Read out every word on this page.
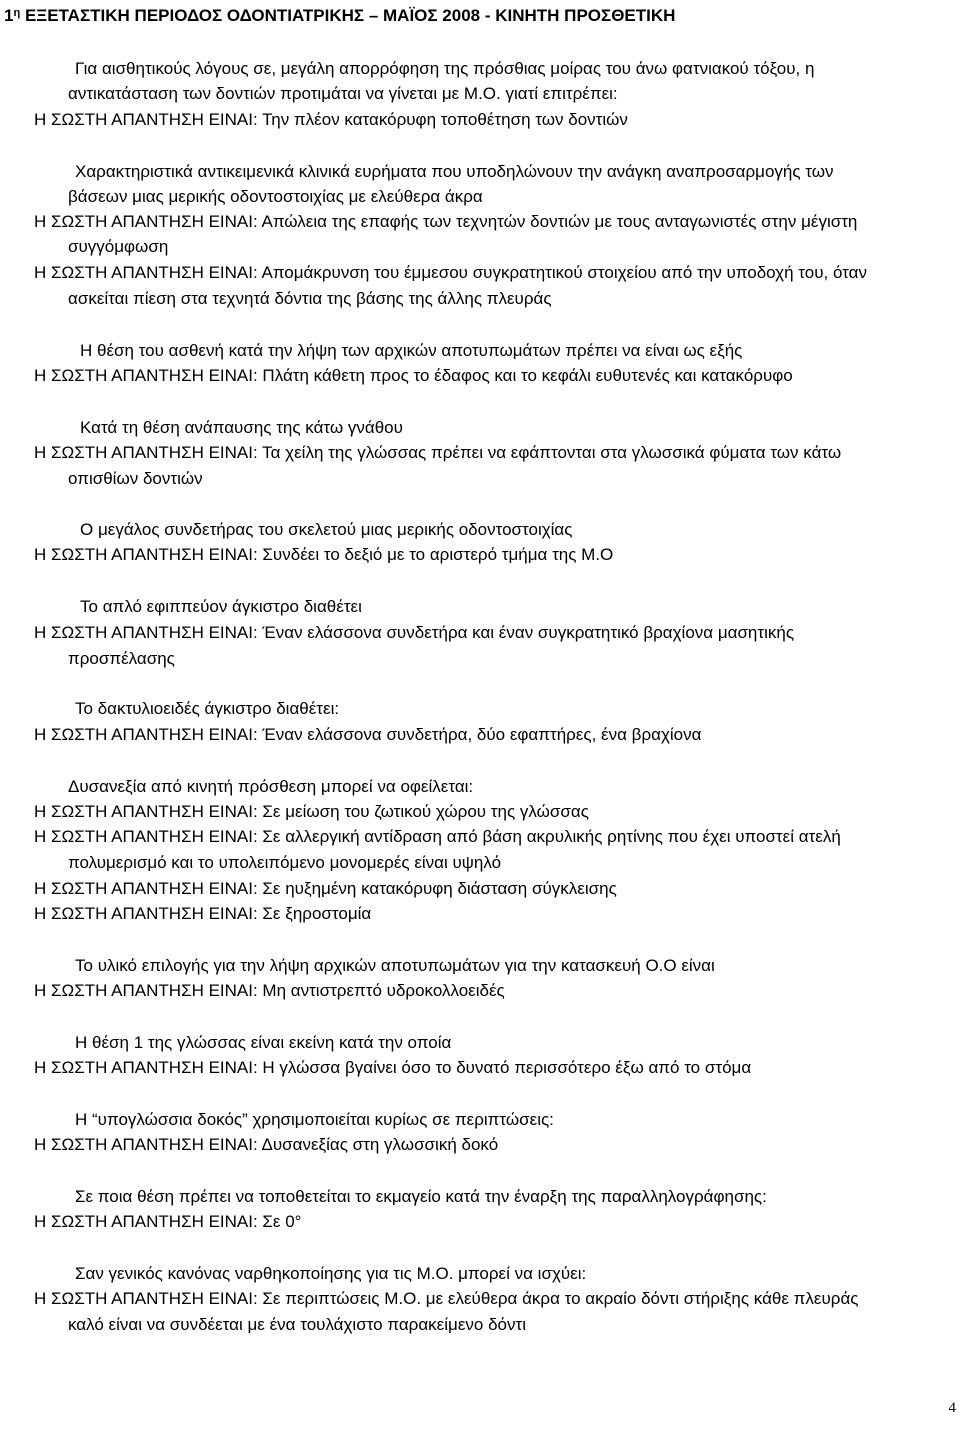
$1^\eta$ ΕΞΕΤΑΣΤΙΚΗ ΠΕΡΙΟΔΟΣ ΟΔΟΝΤΙΑΤΡΙΚΗΣ – ΜΑΪΟΣ 2008 - ΚΙΝΗΤΗ ΠΡΟΣΘΕΤΙΚΗ
Για αισθητικούς λόγους σε, μεγάλη απορρόφηση της πρόσθιας μοίρας του άνω φατνιακού τόξου, η
αντικατάσταση των δοντιών προτιμάται να γίνεται με Μ.Ο. γιατί επιτρέπει:
Η ΣΩΣΤΗ ΑΠΑΝΤΗΣΗ ΕΙΝΑΙ: Την πλέον κατακόρυφη τοποθέτηση των δοντιών
Χαρακτηριστικά αντικειμενικά κλινικά ευρήματα που υποδηλώνουν την ανάγκη αναπροσαρμογής των
βάσεων μιας μερικής οδοντοστοιχίας με ελεύθερα άκρα
Η ΣΩΣΤΗ ΑΠΑΝΤΗΣΗ ΕΙΝΑΙ: Απώλεια της επαφής των τεχνητών δοντιών με τους ανταγωνιστές στην μέγιστη
συγγόμφωση
Η ΣΩΣΤΗ ΑΠΑΝΤΗΣΗ ΕΙΝΑΙ: Απομάκρυνση του έμμεσου συγκρατητικού στοιχείου από την υποδοχή του, όταν
ασκείται πίεση στα τεχνητά δόντια της βάσης της άλλης πλευράς
Η θέση του ασθενή κατά την λήψη των αρχικών αποτυπωμάτων πρέπει να είναι ως εξής
Η ΣΩΣΤΗ ΑΠΑΝΤΗΣΗ ΕΙΝΑΙ: Πλάτη κάθετη προς το έδαφος και το κεφάλι ευθυτενές και κατακόρυφο
Κατά τη θέση ανάπαυσης της κάτω γνάθου
Η ΣΩΣΤΗ ΑΠΑΝΤΗΣΗ ΕΙΝΑΙ: Τα χείλη της γλώσσας πρέπει να εφάπτονται στα γλωσσικά φύματα των κάτω
οπισθίων δοντιών
Ο μεγάλος συνδετήρας του σκελετού μιας μερικής οδοντοστοιχίας
Η ΣΩΣΤΗ ΑΠΑΝΤΗΣΗ ΕΙΝΑΙ: Συνδέει το δεξιό με το αριστερό τμήμα της Μ.Ο
Το απλό εφιππεύον άγκιστρο διαθέτει
Η ΣΩΣΤΗ ΑΠΑΝΤΗΣΗ ΕΙΝΑΙ: Έναν ελάσσονα συνδετήρα και έναν συγκρατητικό βραχίονα μασητικής
προσπέλασης
Το δακτυλιοειδές άγκιστρο διαθέτει:
Η ΣΩΣΤΗ ΑΠΑΝΤΗΣΗ ΕΙΝΑΙ: Έναν ελάσσονα συνδετήρα, δύο εφαπτήρες, ένα βραχίονα
Δυσανεξία από κινητή πρόσθεση μπορεί να οφείλεται:
Η ΣΩΣΤΗ ΑΠΑΝΤΗΣΗ ΕΙΝΑΙ: Σε μείωση του ζωτικού χώρου της γλώσσας
Η ΣΩΣΤΗ ΑΠΑΝΤΗΣΗ ΕΙΝΑΙ: Σε αλλεργική αντίδραση από βάση ακρυλικής ρητίνης που έχει υποστεί ατελή
πολυμερισμό και το υπολειπόμενο μονομερές είναι υψηλό
Η ΣΩΣΤΗ ΑΠΑΝΤΗΣΗ ΕΙΝΑΙ: Σε ηυξημένη κατακόρυφη διάσταση σύγκλεισης
Η ΣΩΣΤΗ ΑΠΑΝΤΗΣΗ ΕΙΝΑΙ: Σε ξηροστομία
Το υλικό επιλογής για την λήψη αρχικών αποτυπωμάτων για την κατασκευή Ο.Ο είναι
Η ΣΩΣΤΗ ΑΠΑΝΤΗΣΗ ΕΙΝΑΙ: Μη αντιστρεπτό υδροκολλοειδές
Η θέση 1 της γλώσσας είναι εκείνη κατά την οποία
Η ΣΩΣΤΗ ΑΠΑΝΤΗΣΗ ΕΙΝΑΙ: Η γλώσσα βγαίνει όσο το δυνατό περισσότερο έξω από το στόμα
Η “υπογλώσσια δοκός” χρησιμοποιείται κυρίως σε περιπτώσεις:
Η ΣΩΣΤΗ ΑΠΑΝΤΗΣΗ ΕΙΝΑΙ: Δυσανεξίας στη γλωσσική δοκό
Σε ποια θέση πρέπει να τοποθετείται το εκμαγείο κατά την έναρξη της παραλληλογράφησης:
Η ΣΩΣΤΗ ΑΠΑΝΤΗΣΗ ΕΙΝΑΙ: Σε 0°
Σαν γενικός κανόνας ναρθηκοποίησης για τις Μ.Ο. μπορεί να ισχύει:
Η ΣΩΣΤΗ ΑΠΑΝΤΗΣΗ ΕΙΝΑΙ: Σε περιπτώσεις Μ.Ο. με ελεύθερα άκρα το ακραίο δόντι στήριξης κάθε πλευράς
καλό είναι να συνδέεται με ένα τουλάχιστο παρακείμενο δόντι
4
